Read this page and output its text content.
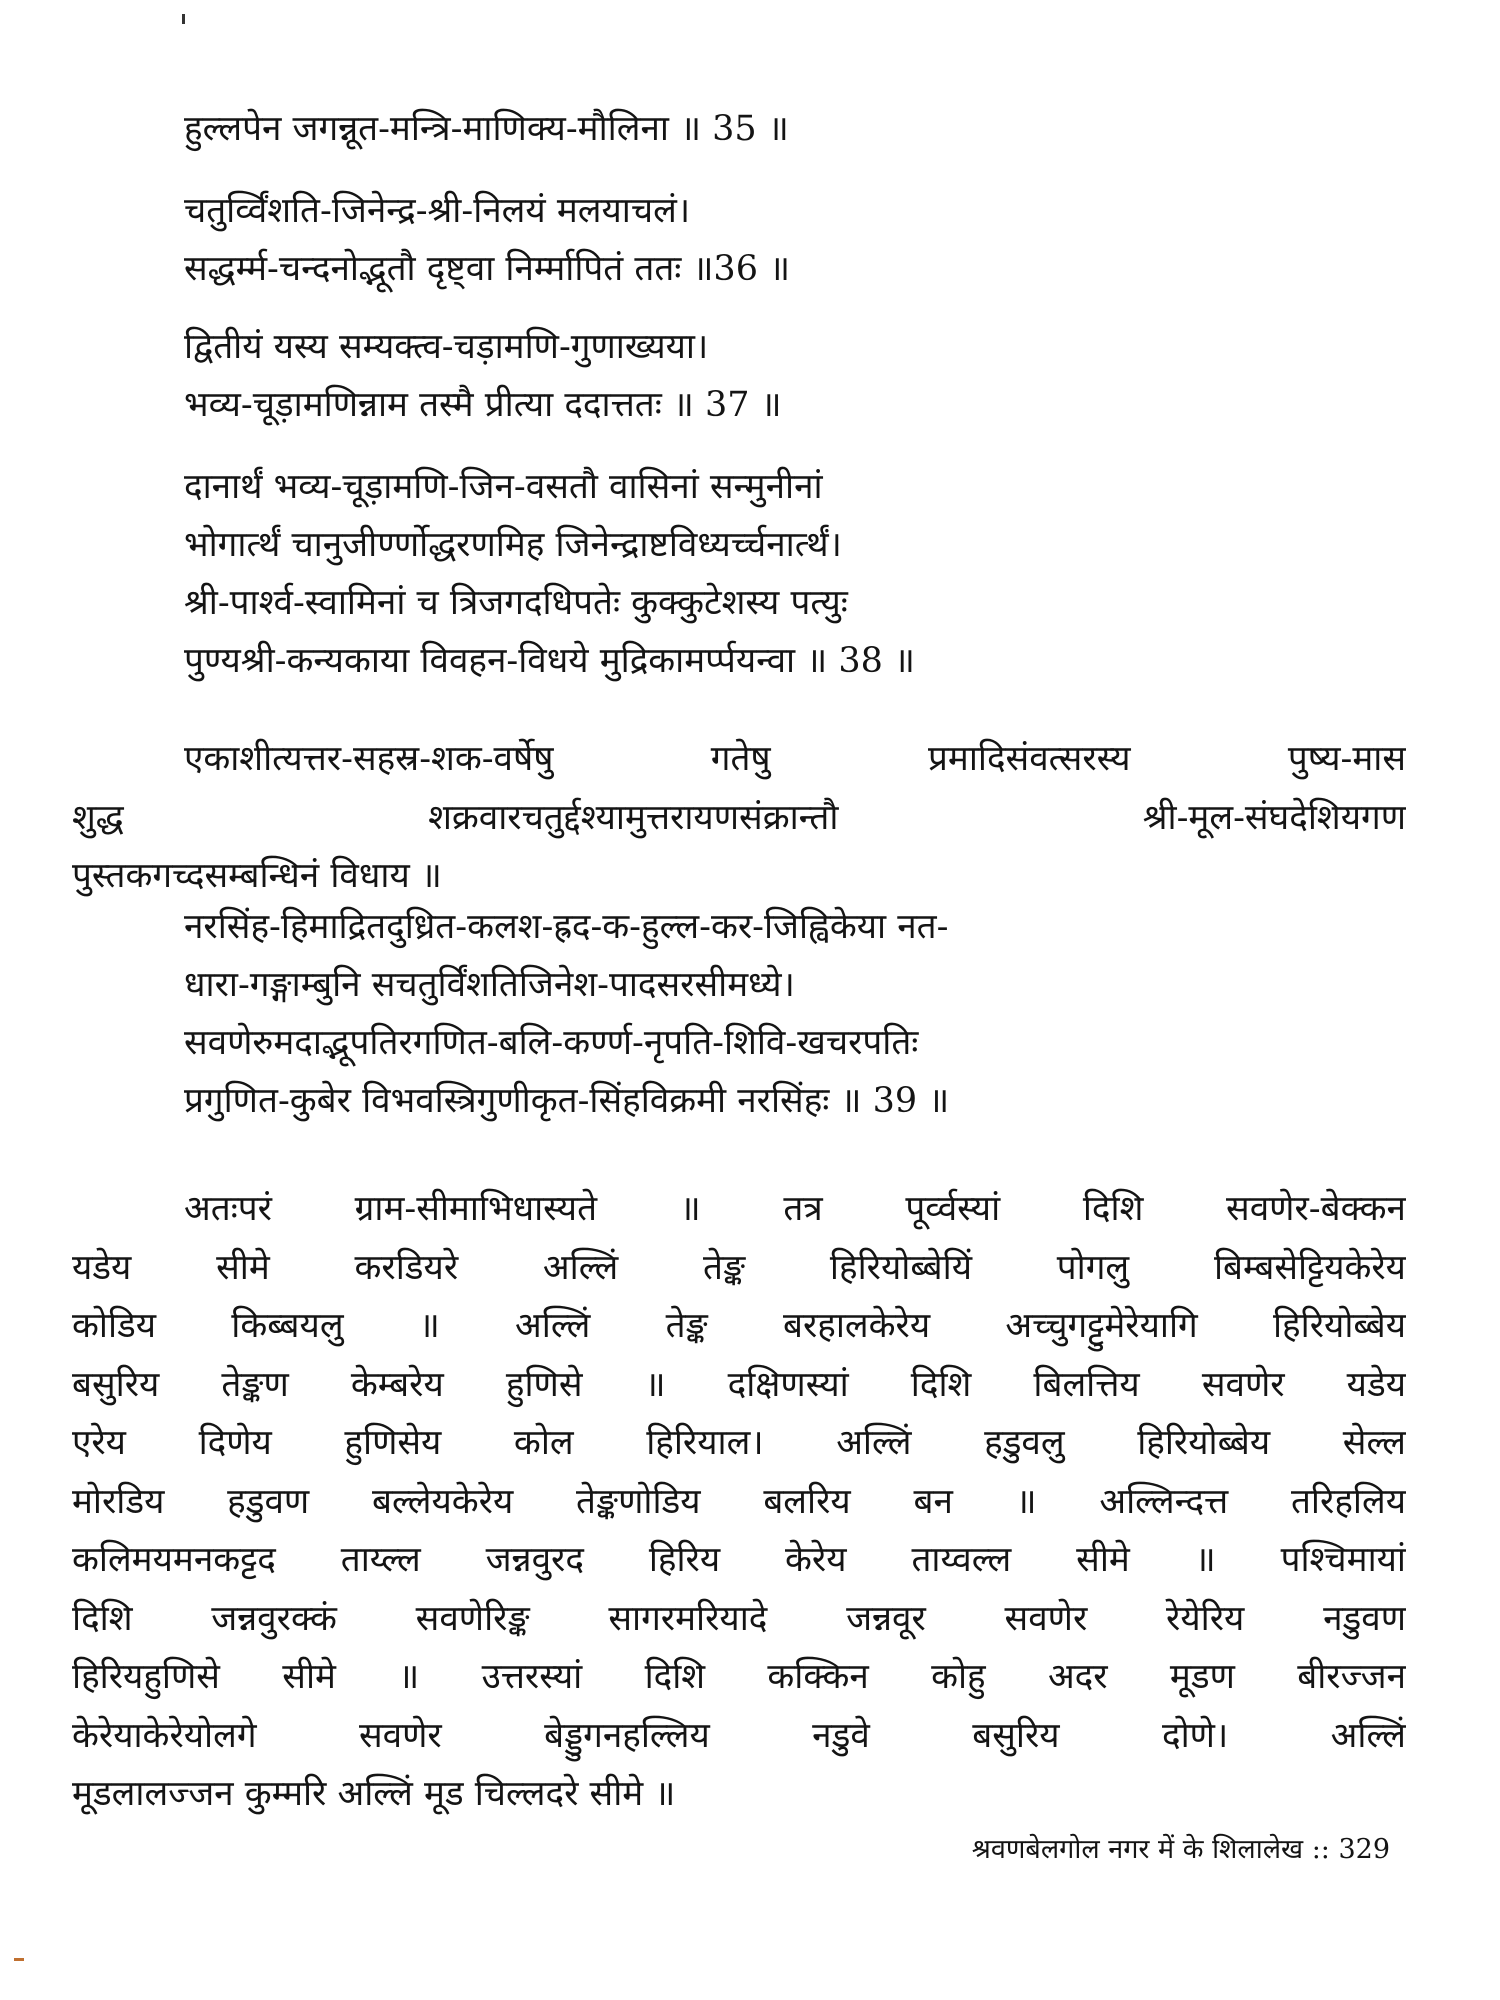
हुल्लपेन जगन्नूत-मन्त्रि-माणिक्य-मौलिना ॥ 35 ॥
चतुर्व्विंशति-जिनेन्द्र-श्री-निलयं मलयाचलं।
सद्धर्म्म-चन्दनोद्भूतौ दृष्ट्वा निर्म्मापितं ततः ॥36 ॥
द्वितीयं यस्य सम्यक्त्व-चड़ामणि-गुणाख्यया।
भव्य-चूड़ामणिन्नाम तस्मै प्रीत्या ददात्ततः ॥ 37 ॥
दानार्थं भव्य-चूड़ामणि-जिन-वसतौ वासिनां सन्मुनीनां
भोगार्त्थं चानुजीर्ण्णोद्धरणमिह जिनेन्द्राष्टविध्यर्च्चनार्त्थं।
श्री-पार्श्व-स्वामिनां च त्रिजगदधिपतेः कुक्कुटेशस्य पत्युः
पुण्यश्री-कन्यकाया विवहन-विधये मुद्रिकामर्प्पयन्वा ॥ 38 ॥
एकाशीत्यत्तर-सहस्र-शक-वर्षेषु गतेषु प्रमादिसंवत्सरस्य पुष्य-मास
शुद्ध शक्रवारचतुर्द्दश्यामुत्तरायणसंक्रान्तौ श्री-मूल-संघदेशियगण
पुस्तकगच्दसम्बन्धिनं विधाय ॥
नरसिंह-हिमाद्रितदुध्रित-कलश-ह्रद-क-हुल्ल-कर-जिह्विकेया नत-
धारा-गङ्गाम्बुनि सचतुर्विंशतिजिनेश-पादसरसीमध्ये।
सवणेरुमदाद्भूपतिरगणित-बलि-कर्ण्ण-नृपति-शिवि-खचरपतिः
प्रगुणित-कुबेर विभवस्त्रिगुणीकृत-सिंहविक्रमी नरसिंहः ॥ 39 ॥
अतःपरं ग्राम-सीमाभिधास्यते ॥ तत्र पूर्व्वस्यां दिशि सवणेर-बेक्कन
यडेय सीमे करडियरे अल्लिं तेङ्क हिरियोब्बेयिं पोगलु बिम्बसेट्टियकेरेय
कोडिय किब्बयलु ॥ अल्लिं तेङ्क बरहालकेरेय अच्चुगट्टुमेरेयागि हिरियोब्बेय
बसुरिय तेङ्कण केम्बरेय हुणिसे ॥ दक्षिणस्यां दिशि बिलत्तिय सवणेर यडेय
एरेय दिणेय हुणिसेय कोल हिरियाल। अल्लिं हडुवलु हिरियोब्बेय सेल्ल
मोरडिय हडुवण बल्लेयकेरेय तेङ्कणोडिय बलरिय बन ॥ अल्लिन्दत्त तरिहलिय
कलिमयमनकट्टद ताय्ल्ल जन्नवुरद हिरिय केरेय ताय्वल्ल सीमे ॥ पश्चिमायां
दिशि जन्नवुरक्कं सवणेरिङ्क सागरमरियादे जन्नवूर सवणेर रेयेरिय नडुवण
हिरियहुणिसे सीमे ॥ उत्तरस्यां दिशि कक्किन कोहु अदर मूडण बीरज्जन
केरेयाकेरेयोलगे सवणेर बेड्डुगनहल्लिय नडुवे बसुरिय दोणे। अल्लिं
मूडलालज्जन कुम्मरि अल्लिं मूड चिल्लदरे सीमे ॥
श्रवणबेलगोल नगर में के शिलालेख :: 329
